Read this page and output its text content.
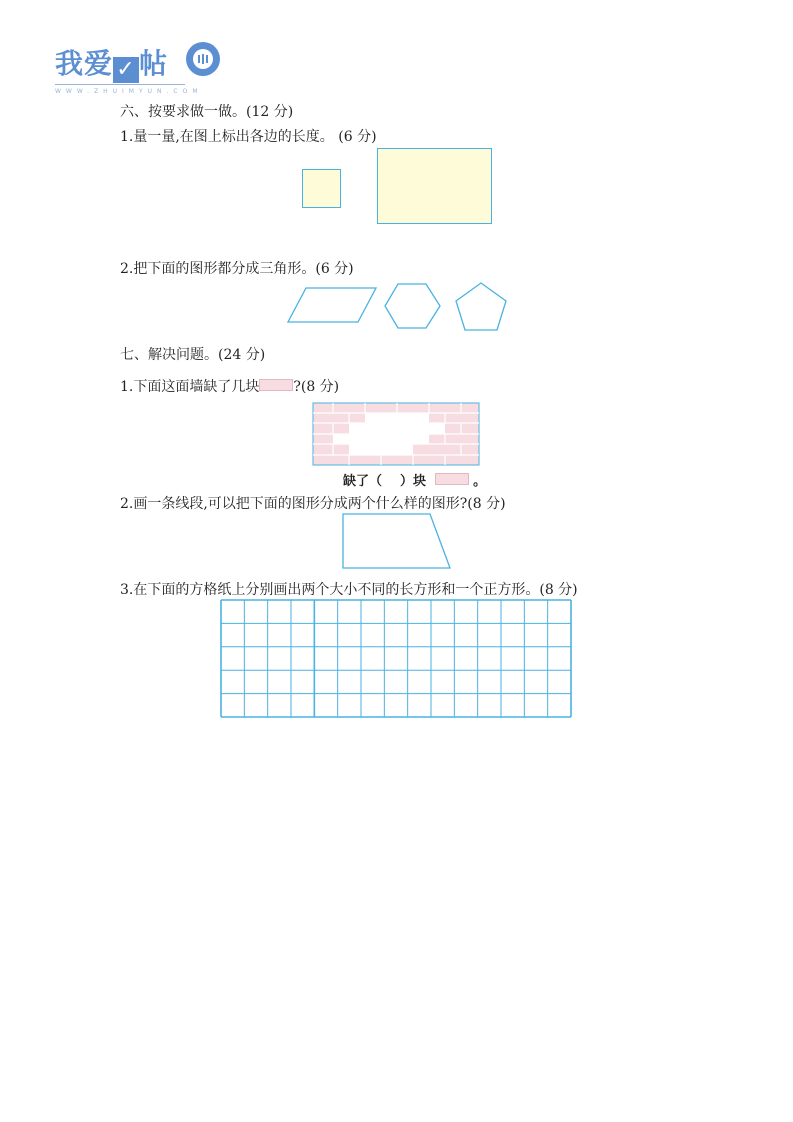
我爱 ✓ 帖
WWW.ZHUIMYUN.COM
六、按要求做一做。(12 分)
1.量一量,在图上标出各边的长度。 (6 分)
2.把下面的图形都分成三角形。(6 分)
七、解决问题。(24 分)
1.下面这面墙缺了几块 ?(8 分)
缺了（ ）块	。
2.画一条线段,可以把下面的图形分成两个什么样的图形?(8 分)
3.在下面的方格纸上分别画出两个大小不同的长方形和一个正方形。(8 分)
